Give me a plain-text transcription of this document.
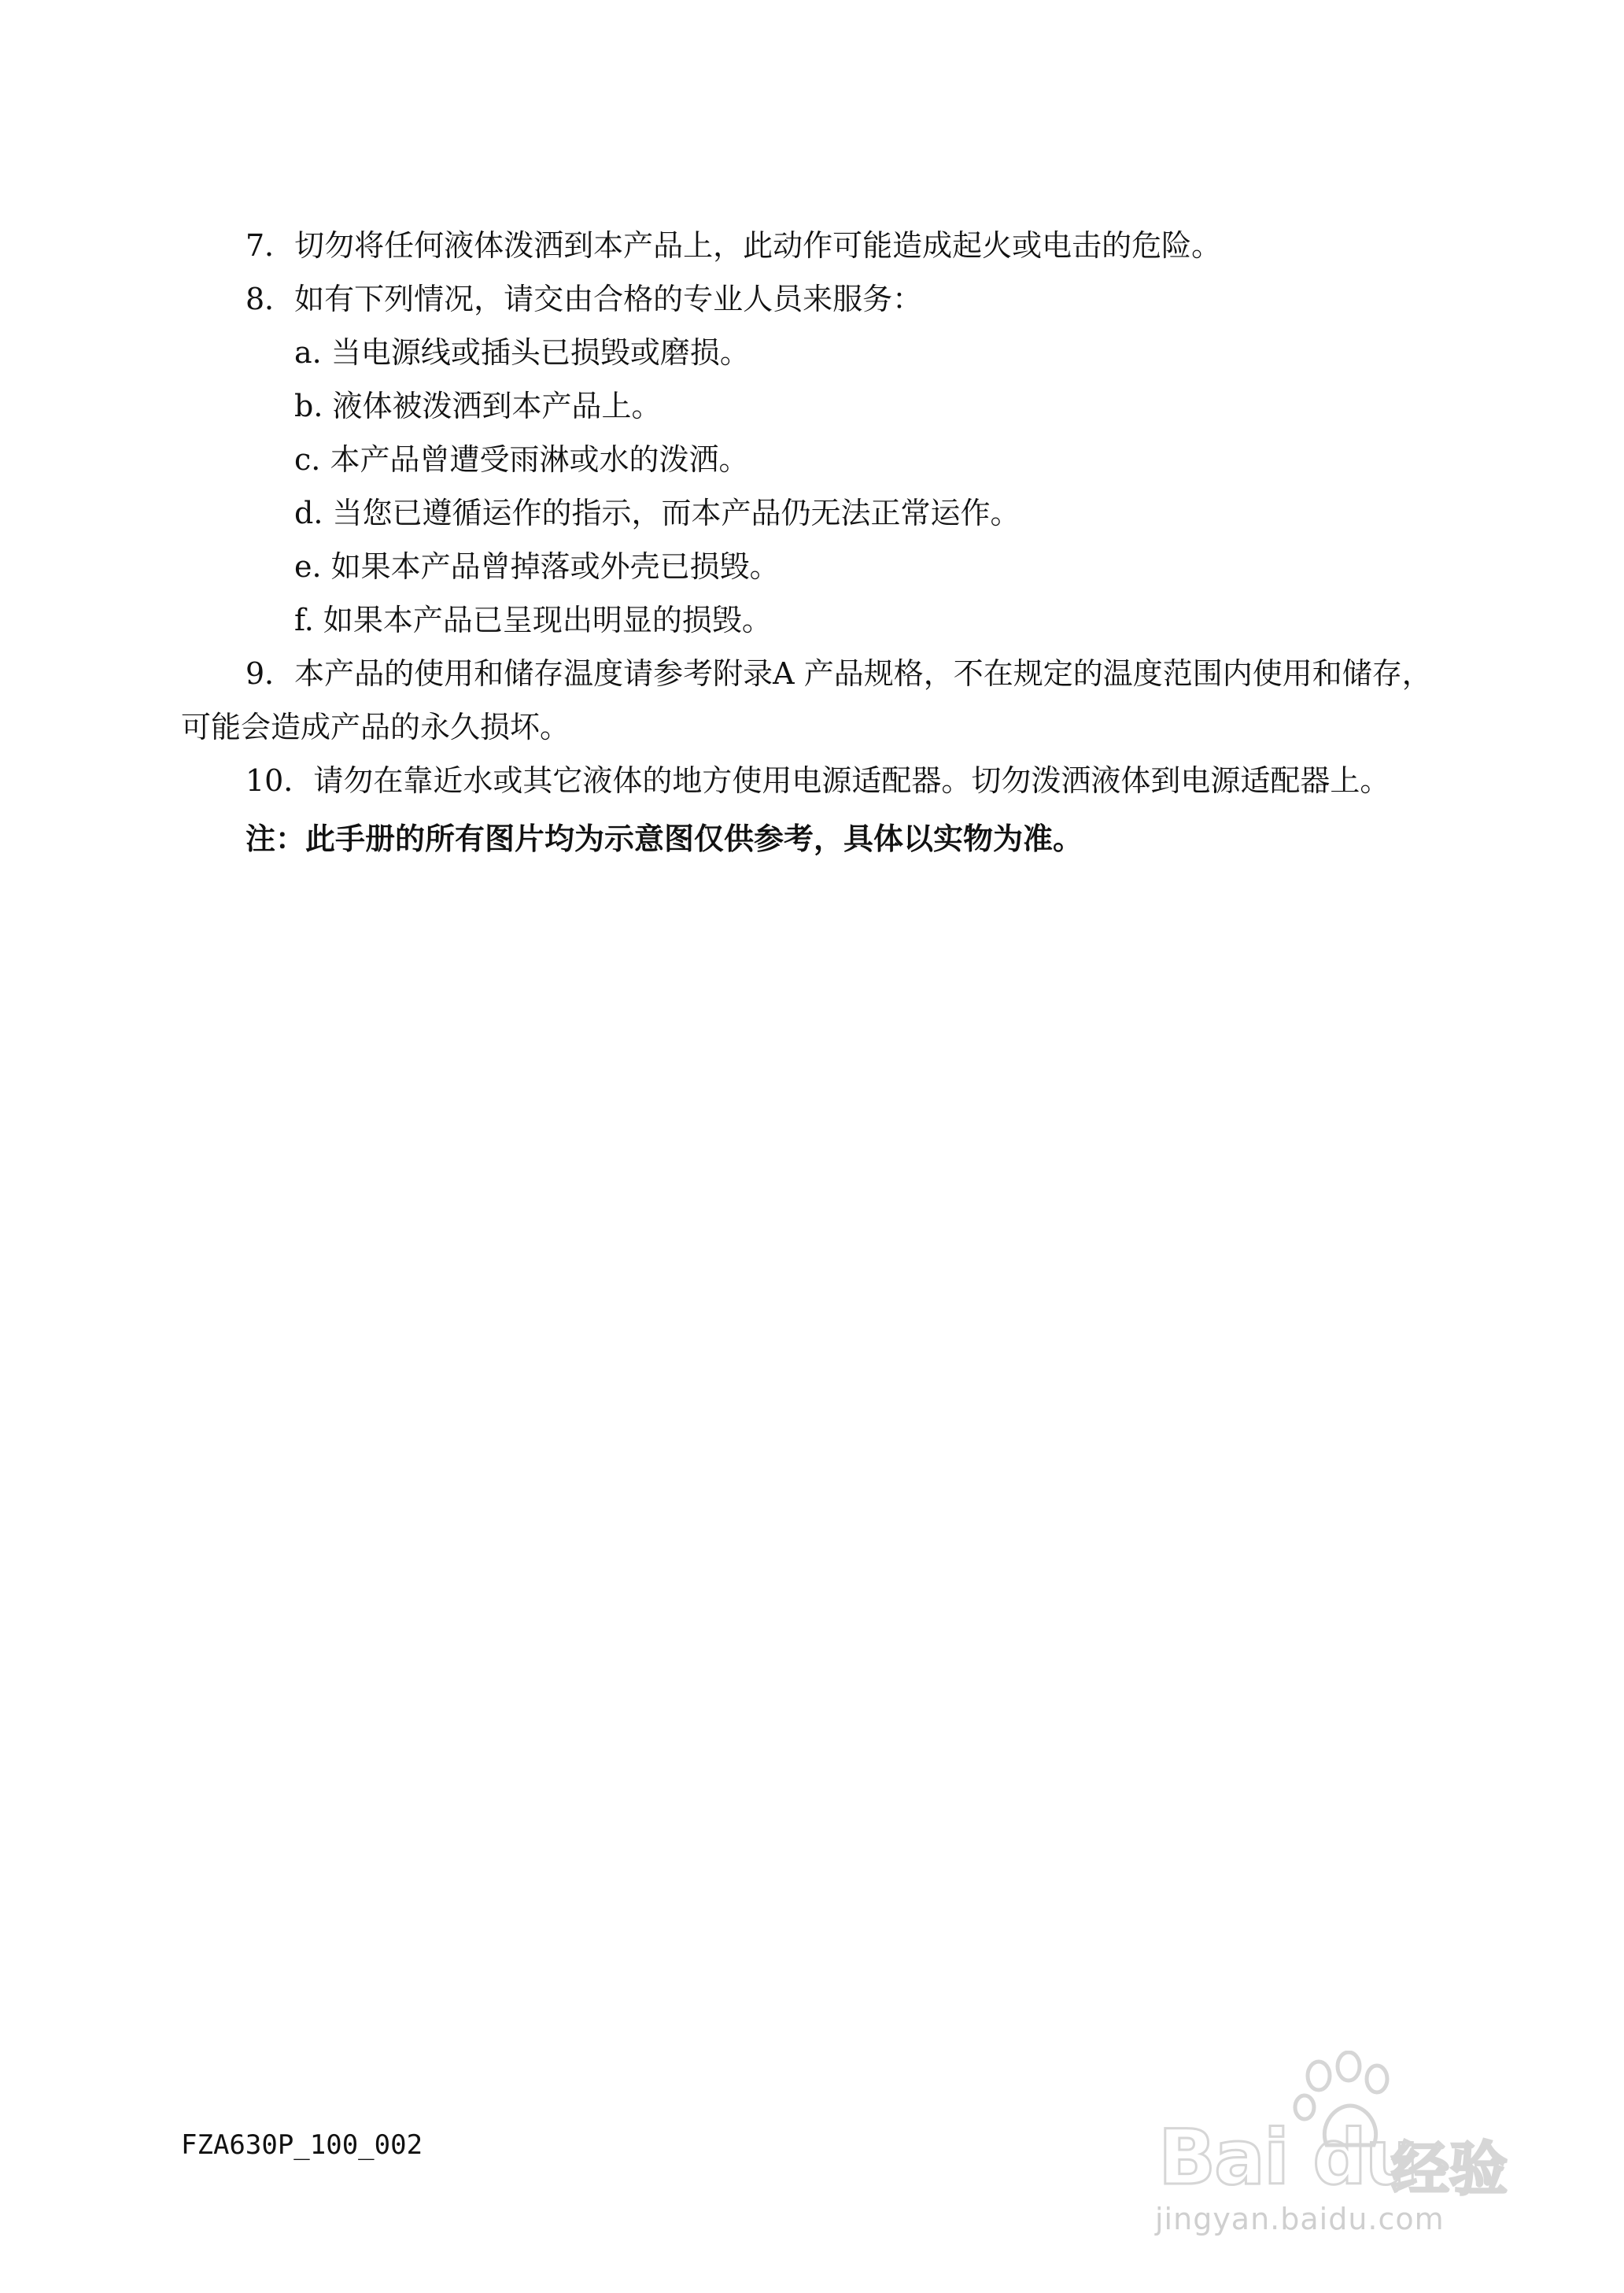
7．切勿将任何液体泼洒到本产品上，此动作可能造成起火或电击的危险。

8．如有下列情况，请交由合格的专业人员来服务：

a. 当电源线或插头已损毁或磨损。

b. 液体被泼洒到本产品上。

c. 本产品曾遭受雨淋或水的泼洒。

d. 当您已遵循运作的指示，而本产品仍无法正常运作。

e. 如果本产品曾掉落或外壳已损毁。

f. 如果本产品已呈现出明显的损毁。

9．本产品的使用和储存温度请参考附录A 产品规格，不在规定的温度范围内使用和储存，可能会造成产品的永久损坏。

10．请勿在靠近水或其它液体的地方使用电源适配器。切勿泼洒液体到电源适配器上。

注：此手册的所有图片均为示意图仅供参考，具体以实物为准。

FZA630P_100_002	Bai du
经验
jingyan.baidu.com
